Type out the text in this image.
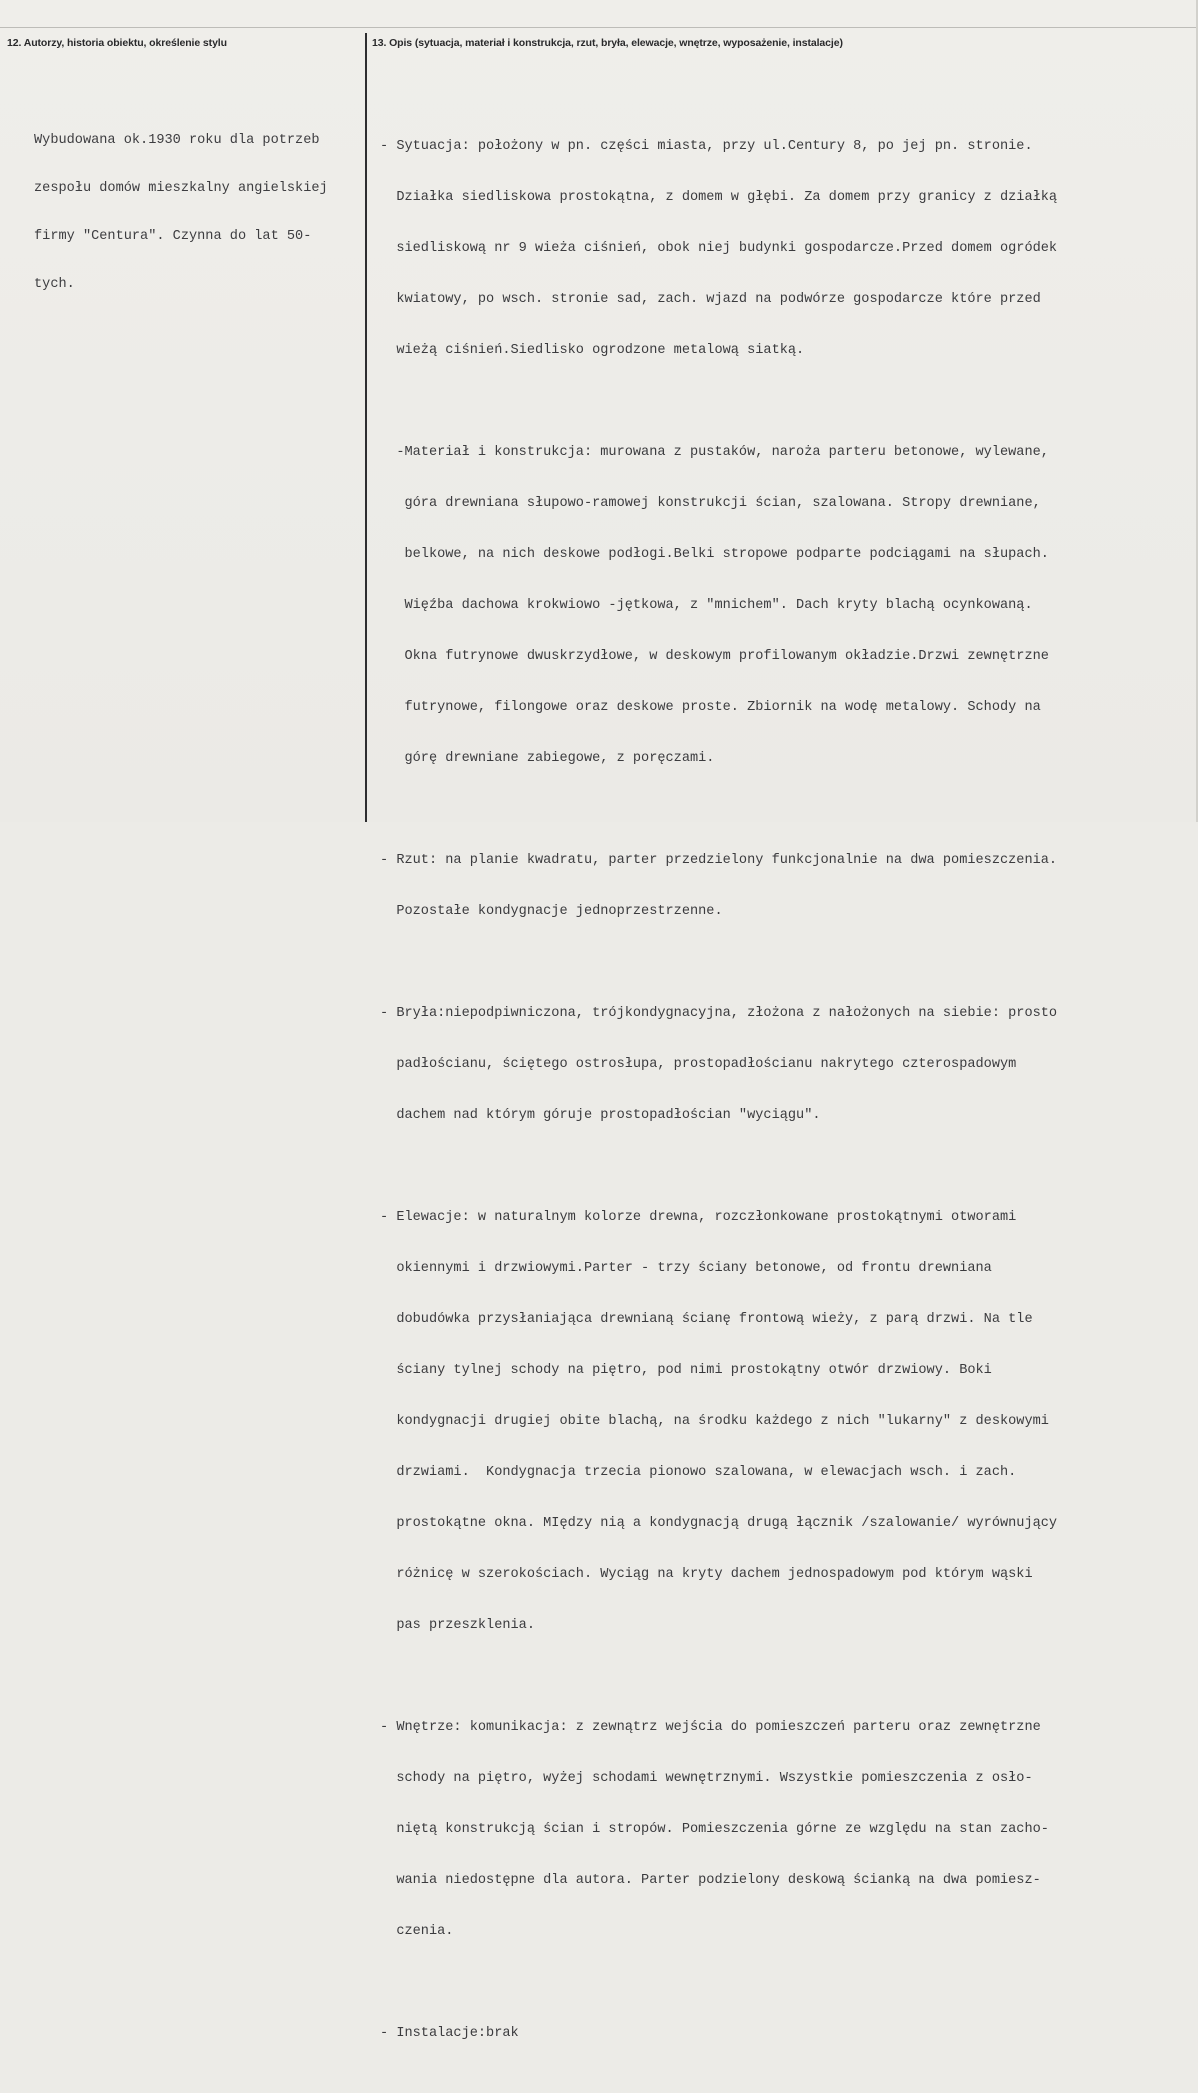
12. Autorzy, historia obiektu, określenie stylu	13. Opis (sytuacja, materiał i konstrukcja, rzut, bryła, elewacje, wnętrze, wyposażenie, instalacje)

Wybudowana ok.1930 roku dla potrzeb

zespołu domów mieszkalny angielskiej

firmy "Centura". Czynna do lat 50-

tych.

- Sytuacja: położony w pn. części miasta, przy ul.Century 8, po jej pn. stronie.

Działka siedliskowa prostokątna, z domem w głębi. Za domem przy granicy z działką

siedliskową nr 9 wieża ciśnień, obok niej budynki gospodarcze.Przed domem ogródek

kwiatowy, po wsch. stronie sad, zach. wjazd na podwórze gospodarcze które przed

wieżą ciśnień.Siedlisko ogrodzone metalową siatką.

-Materiał i konstrukcja: murowana z pustaków, naroża parteru betonowe, wylewane,

góra drewniana słupowo-ramowej konstrukcji ścian, szalowana. Stropy drewniane,

belkowe, na nich deskowe podłogi.Belki stropowe podparte podciągami na słupach.

Więźba dachowa krokwiowo -jętkowa, z "mnichem". Dach kryty blachą ocynkowaną.

Okna futrynowe dwuskrzydłowe, w deskowym profilowanym okładzie.Drzwi zewnętrzne

futrynowe, filongowe oraz deskowe proste. Zbiornik na wodę metalowy. Schody na

górę drewniane zabiegowe, z poręczami.

- Rzut: na planie kwadratu, parter przedzielony funkcjonalnie na dwa pomieszczenia.

Pozostałe kondygnacje jednoprzestrzenne.

- Bryła:niepodpiwniczona, trójkondygnacyjna, złożona z nałożonych na siebie: prosto

padłościanu, ściętego ostrosłupa, prostopadłościanu nakrytego czterospadowym

dachem nad którym góruje prostopadłościan "wyciągu".

- Elewacje: w naturalnym kolorze drewna, rozczłonkowane prostokątnymi otworami

okiennymi i drzwiowymi.Parter - trzy ściany betonowe, od frontu drewniana

dobudówka przysłaniająca drewnianą ścianę frontową wieży, z parą drzwi. Na tle

ściany tylnej schody na piętro, pod nimi prostokątny otwór drzwiowy. Boki

kondygnacji drugiej obite blachą, na środku każdego z nich "lukarny" z deskowymi

drzwiami.  Kondygnacja trzecia pionowo szalowana, w elewacjach wsch. i zach.

prostokątne okna. MIędzy nią a kondygnacją drugą łącznik /szalowanie/ wyrównujący

różnicę w szerokościach. Wyciąg na kryty dachem jednospadowym pod którym wąski

pas przeszklenia.

- Wnętrze: komunikacja: z zewnątrz wejścia do pomieszczeń parteru oraz zewnętrzne

schody na piętro, wyżej schodami wewnętrznymi. Wszystkie pomieszczenia z osło-

niętą konstrukcją ścian i stropów. Pomieszczenia górne ze względu na stan zacho-

wania niedostępne dla autora. Parter podzielony deskową ścianką na dwa pomiesz-

czenia.

- Instalacje:brak
